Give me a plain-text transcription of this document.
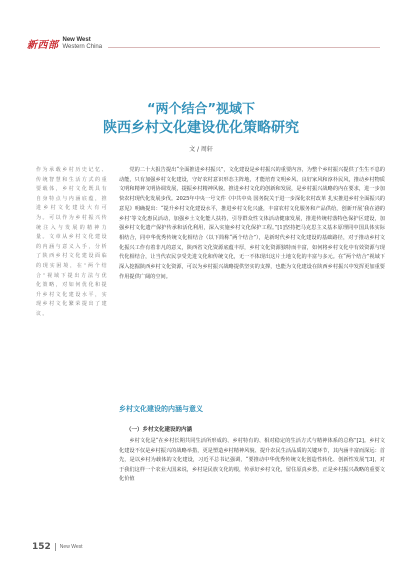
新西部
New West
Western China
“两个结合”视域下
陕西乡村文化建设优化策略研究
文 / 周轩
作为承载乡村历史记忆、传统智慧和生活方式的重要载体，乡村文化既具有自身特点与内涵底蕴，推进乡村文化建设大有可为。可以作为乡村振兴传统注入与发展的精神力量。文章从乡村文化建设的内涵与意义入手，分析了陕西乡村文化建设面临的现实困境，在“两个结合”视域下提出方法与优化策略，对如何优化和提升乡村文化建设水平，实现乡村文化繁荣提出了建议。

党的二十大报告提出“全面推进乡村振兴”，文化建设是乡村振兴的重要内容，为整个乡村振兴提供了生生不息的动能，只有加强乡村文化建设，守好农村意识形态主阵地，才能培育文明乡风、良好家风和淳朴民风，推动乡村物质文明和精神文明协调发展，提振乡村精神风貌。推进乡村文化的创新和发展，是乡村振兴战略的内在要求，进一步加快农村现代化发展步伐。2025年中央一号文件《中共中央 国务院关于进一步深化农村改革 扎实推进乡村全面振兴的意见》明确提出：“提升乡村文化建设水平，推进乡村文化兴盛，丰富农村文化服务和产品供给，创新开展‘我在港的乡村’等文化惠民活动，加强乡土文化能人扶持，引导群众性文体活动健康发展，推进传统村落特色保护区建设，加强乡村文化遗产保护传承和活化利用，深入实施乡村文化保护工程。”[1]坚持把马克思主义基本原理同中国具体实际相结合，同中华优秀传统文化相结合（以下简称“两个结合”），是新时代乡村文化建设的基础路径，对于推动乡村文化振兴工作有着非凡的意义，陕西省文化资源底蕴丰厚，乡村文化资源独特而丰富，如何将乡村文化中有效资源与现代化相结合，让当代农民享受先进文化和传统文化，无一不体现出这片土地文化的丰富与多元。在“两个结合”视域下深入挖掘陕西乡村文化资源，可以为乡村振兴战略提供坚实的支撑，也能为文化建设在陕西乡村振兴中发挥更加重要作用提供广阔的空间。

乡村文化建设的内涵与意义
（一）乡村文化建设的内涵

乡村文化是“在乡村长期共同生活所形成的、乡村特有的、相对稳定的生活方式与精神体系的总称”[2]。乡村文化建设不仅是乡村振兴的战略举措，更是塑造乡村精神风貌、提升农民生活品质的关键环节，其内涵丰富而深远：首先，是以乡村为载体的文化建设，习近平总书记强调，“要推动中华优秀传统文化创造性转化、创新性发展”[3]，对于我们这样一个农业大国来说，乡村是民族文化的根，传承好乡村文化，留住原真乡愁，正是乡村振兴战略的重要文化价值

152 New West
